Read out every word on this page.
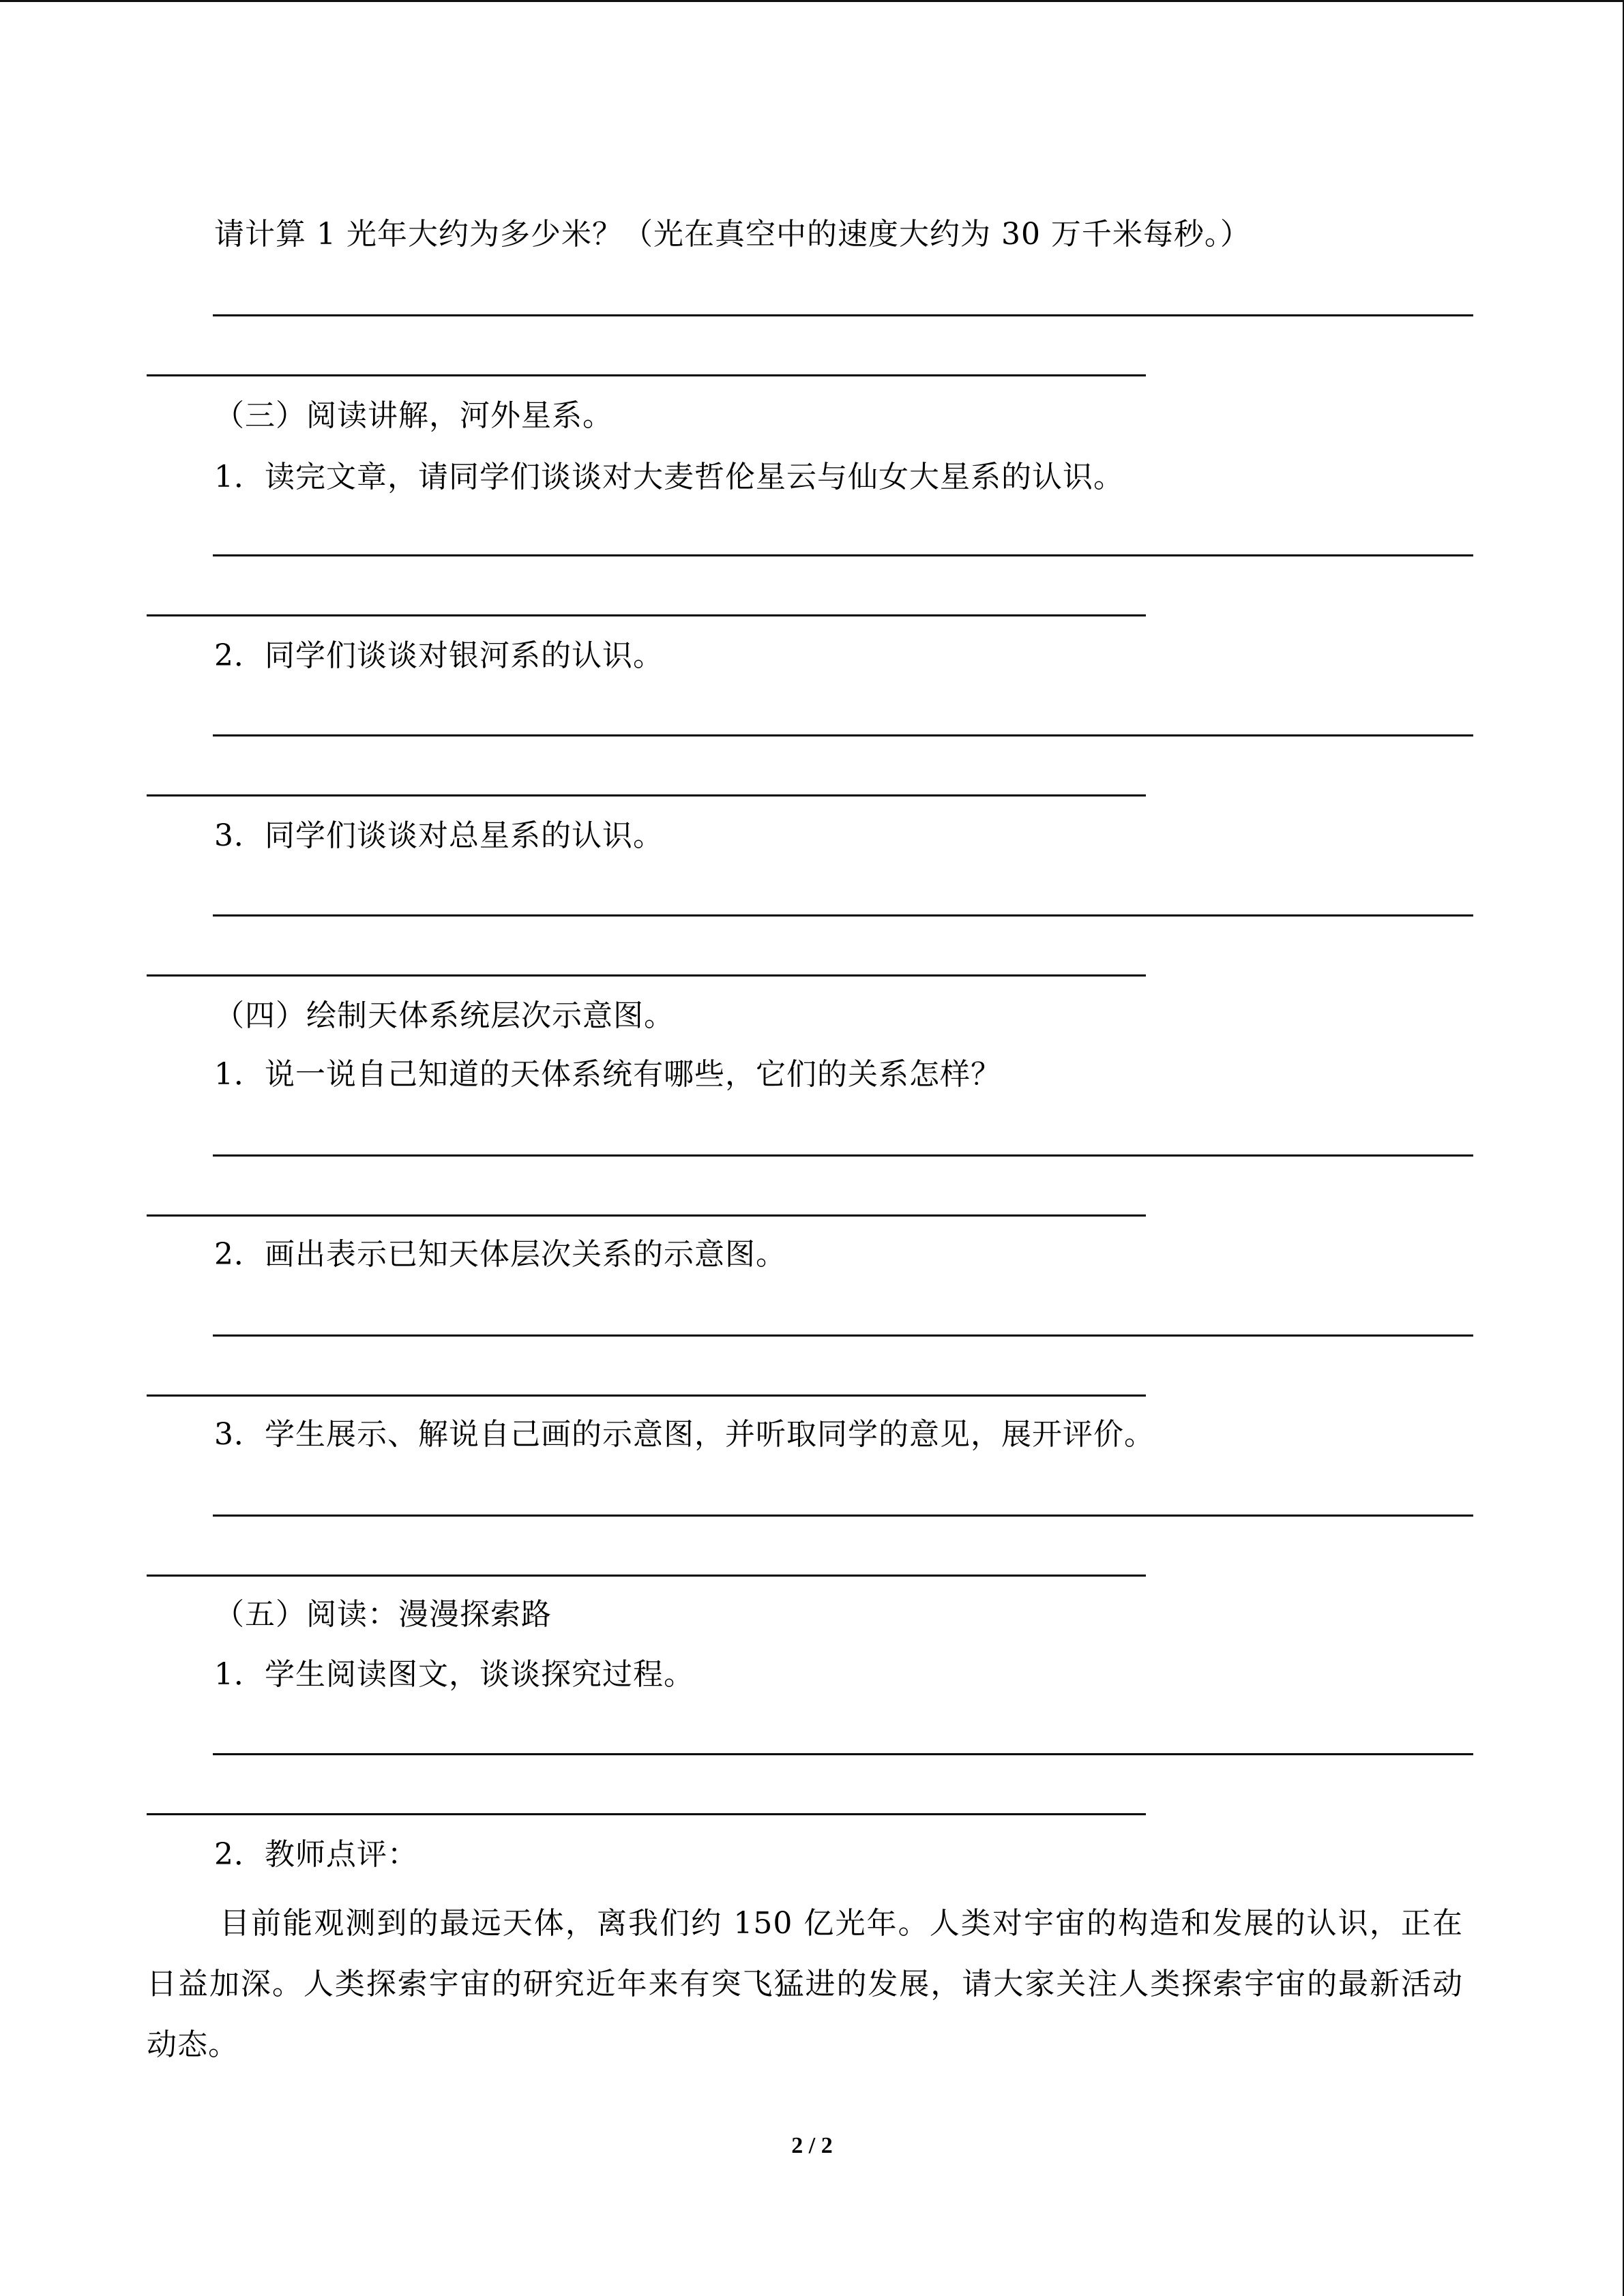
请计算 1 光年大约为多少米？（光在真空中的速度大约为 30 万千米每秒。）
（三）阅读讲解，河外星系。
1．读完文章，请同学们谈谈对大麦哲伦星云与仙女大星系的认识。
2．同学们谈谈对银河系的认识。
3．同学们谈谈对总星系的认识。
（四）绘制天体系统层次示意图。
1．说一说自己知道的天体系统有哪些，它们的关系怎样？
2．画出表示已知天体层次关系的示意图。
3．学生展示、解说自己画的示意图，并听取同学的意见，展开评价。
（五）阅读：漫漫探索路
1．学生阅读图文，谈谈探究过程。
2．教师点评：
目前能观测到的最远天体，离我们约 150 亿光年。人类对宇宙的构造和发展的认识，正在日益加深。人类探索宇宙的研究近年来有突飞猛进的发展，请大家关注人类探索宇宙的最新活动动态。
2 / 2
